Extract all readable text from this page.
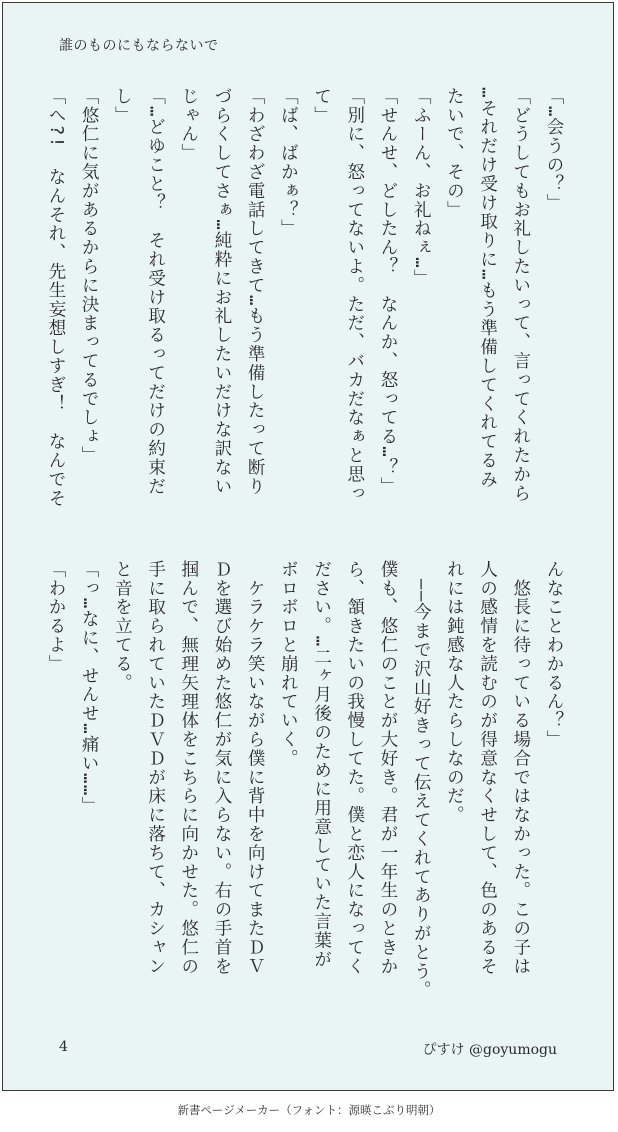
誰のものにもならないで
「…会うの？」
「どうしてもお礼したいって、言ってくれたから
…それだけ受け取りに…もう準備してくれてるみ
たいで、その」
「ふーん、お礼ねぇ…」
「せんせ、どしたん？　なんか、怒ってる…？」
「別に、怒ってないよ。ただ、バカだなぁと思っ
て」
「ば、ばかぁ？」
「わざわざ電話してきて…もう準備したって断り
づらくしてさぁ…純粋にお礼したいだけな訳ない
じゃん」
「…どゆこと？　それ受け取るってだけの約束だ
し」
「悠仁に気があるからに決まってるでしょ」
「へ?!　なんそれ、先生妄想しすぎ！　なんでそ
んなことわかるん？」
　悠長に待っている場合ではなかった。この子は
人の感情を読むのが得意なくせして、色のあるそ
れには鈍感な人たらしなのだ。
　――今まで沢山好きって伝えてくれてありがとう。
僕も、悠仁のことが大好き。君が一年生のときか
ら、頷きたいの我慢してた。僕と恋人になってく
ださい。…二ヶ月後のために用意していた言葉が
ボロボロと崩れていく。
　ケラケラ笑いながら僕に背中を向けてまたＤＶ
Ｄを選び始めた悠仁が気に入らない。右の手首を
掴んで、無理矢理体をこちらに向かせた。悠仁の
手に取られていたＤＶＤが床に落ちて、カシャン
と音を立てる。
「っ…なに、せんせ…痛い……」
「わかるよ」
4	ぴすけ @goyumogu
新書ページメーカー（フォント：源暎こぶり明朝）
